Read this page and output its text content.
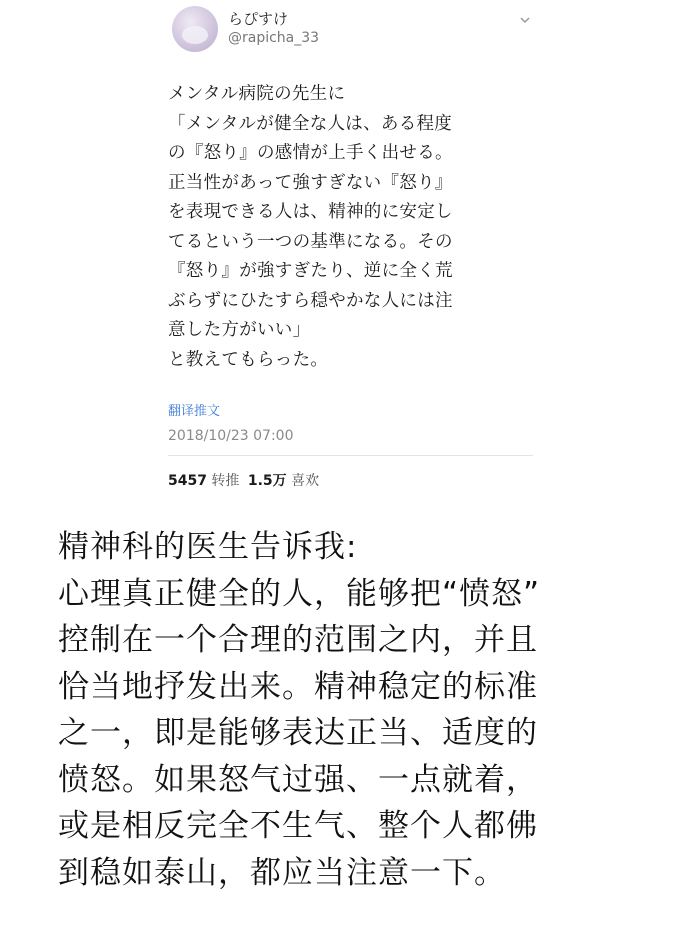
らぴすけ
@rapicha_33
メンタル病院の先生に
「メンタルが健全な人は、ある程度
の『怒り』の感情が上手く出せる。
正当性があって強すぎない『怒り』
を表現できる人は、精神的に安定し
てるという一つの基準になる。その
『怒り』が強すぎたり、逆に全く荒
ぶらずにひたすら穏やかな人には注
意した方がいい」
と教えてもらった。
翻译推文
2018/10/23 07:00
5457 转推 1.5万 喜欢
精神科的医生告诉我:
心理真正健全的人，能够把“愤怒”
控制在一个合理的范围之内，并且
恰当地抒发出来。精神稳定的标准
之一，即是能够表达正当、适度的
愤怒。如果怒气过强、一点就着，
或是相反完全不生气、整个人都佛
到稳如泰山，都应当注意一下。
